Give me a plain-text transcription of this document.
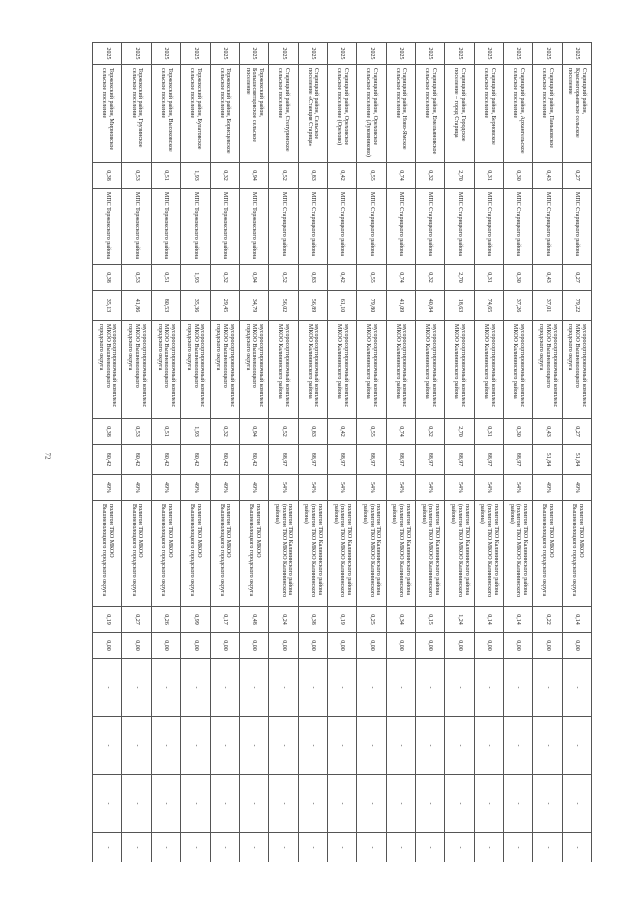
72
2025	Старицкий район, Красногорьевское сельское поселение	0,27	МПС Старицкого района	0,27	79,22	мусоросортировочный комплекс МКОО Вышневолоцкого городского округа	0,27	51,84	49%	полигон ТКО МКОО Вышневолоцкого городского округа	0,14	0,00	-	-	-	-
2025	Старицкий район, Паньковское сельское поселение	0,43	МПС Старицкого района	0,43	37,01	мусоросортировочный комплекс МКОО Вышневолоцкого городского округа	0,43	51,84	49%	полигон ТКО МКОО Вышневолоцкого городского округа	0,22	0,00	-	-	-	-
2025	Старицкий район, Архангельское сельское поселение	0,30	МПС Старицкого района	0,30	37,26	мусоросортировочный комплекс МКОО Калининского района	0,30	88,97	54%	полигон ТКО Калининского района (полигон ТКО МКОО Калининского района)	0,14	0,00	-	-	-	-
2025	Старицкий район, Берновское сельское поселение	0,31	МПС Старицкого района	0,31	74,65	мусоросортировочный комплекс МКОО Калининского района	0,31	88,97	54%	полигон ТКО Калининского района (полигон ТКО МКОО Калининского района)	0,14	0,00	-	-	-	-
2025	Старицкий район, Городское поселение – город Старица	2,70	МПС Старицкого района	2,70	18,63	мусоросортировочный комплекс МКОО Калининского района	2,70	88,97	54%	полигон ТКО Калининского района (полигон ТКО МКОО Калининского района)	1,24	0,00	-	-	-	-
2025	Старицкий район, Емельяновское сельское поселение	0,32	МПС Старицкого района	0,32	40,84	мусоросортировочный комплекс МКОО Калининского района	0,32	88,97	54%	полигон ТКО Калининского района (полигон ТКО МКОО Калининского района)	0,15	0,00	-	-	-	-
2025	Старицкий район, Ново-Ямское сельское поселение	0,74	МПС Старицкого района	0,74	41,09	мусоросортировочный комплекс МКОО Калининского района	0,74	88,97	54%	полигон ТКО Калининского района (полигон ТКО МКОО Калининского района)	0,34	0,00	-	-	-	-
2025	Старицкий район, Ореховское сельское поселение (Луковниково)	0,55	МПС Старицкого района	0,55	79,80	мусоросортировочный комплекс МКОО Калининского района	0,55	88,97	54%	полигон ТКО Калининского района (полигон ТКО МКОО Калининского района)	0,25	0,00	-	-	-	-
2025	Старицкий район, Ореховское сельское поселение (Орехово)	0,42	МПС Старицкого района	0,42	61,10	мусоросортировочный комплекс МКОО Калининского района	0,42	88,97	54%	полигон ТКО Калининского района (полигон ТКО МКОО Калининского района)	0,19	0,00	-	-	-	-
2025	Старицкий район, Сельское поселение «Станция Старица»	0,83	МПС Старицкого района	0,83	56,89	мусоросортировочный комплекс МКОО Калининского района	0,83	88,97	54%	полигон ТКО Калининского района (полигон ТКО МКОО Калининского района)	0,38	0,00	-	-	-	-
2025	Старицкий район, Степуринское сельское поселение	0,52	МПС Старицкого района	0,52	56,02	мусоросортировочный комплекс МКОО Калининского района	0,52	88,97	54%	полигон ТКО Калининского района (полигон ТКО МКОО Калининского района)	0,24	0,00	-	-	-	-
2025	Торжокский район, Большесвятцовское сельское поселение	0,94	МПС Торжокского района	0,94	34,79	мусоросортировочный комплекс МКОО Вышневолоцкого городского округа	0,94	80,42	49%	полигон ТКО МКОО Вышневолоцкого городского округа	0,48	0,00	-	-	-	-
2025	Торжокский район, Борисцевское сельское поселение	0,32	МПС Торжокского района	0,32	29,45	мусоросортировочный комплекс МКОО Вышневолоцкого городского округа	0,32	80,42	49%	полигон ТКО МКОО Вышневолоцкого городского округа	0,17	0,00	-	-	-	-
2025	Торжокский район, Булатовское сельское поселение	1,93	МПС Торжокского района	1,93	35,36	мусоросортировочный комплекс МКОО Вышневолоцкого городского округа	1,93	80,42	49%	полигон ТКО МКОО Вышневолоцкого городского округа	0,99	0,00	-	-	-	-
2025	Торжокский район, Высоковское сельское поселение	0,51	МПС Торжокского района	0,51	80,53	мусоросортировочный комплекс МКОО Вышневолоцкого городского округа	0,51	80,42	49%	полигон ТКО МКОО Вышневолоцкого городского округа	0,26	0,00	-	-	-	-
2025	Торжокский район, Грузинское сельское поселение	0,53	МПС Торжокского района	0,53	41,86	мусоросортировочный комплекс МКОО Вышневолоцкого городского округа	0,53	80,42	49%	полигон ТКО МКОО Вышневолоцкого городского округа	0,27	0,00	-	-	-	-
2025	Торжокский район, Мирновское сельское поселение	0,38	МПС Торжокского района	0,38	35,13	мусоросортировочный комплекс МКОО Вышневолоцкого городского округа	0,38	80,42	49%	полигон ТКО МКОО Вышневолоцкого городского округа	0,19	0,00	-	-	-	-
